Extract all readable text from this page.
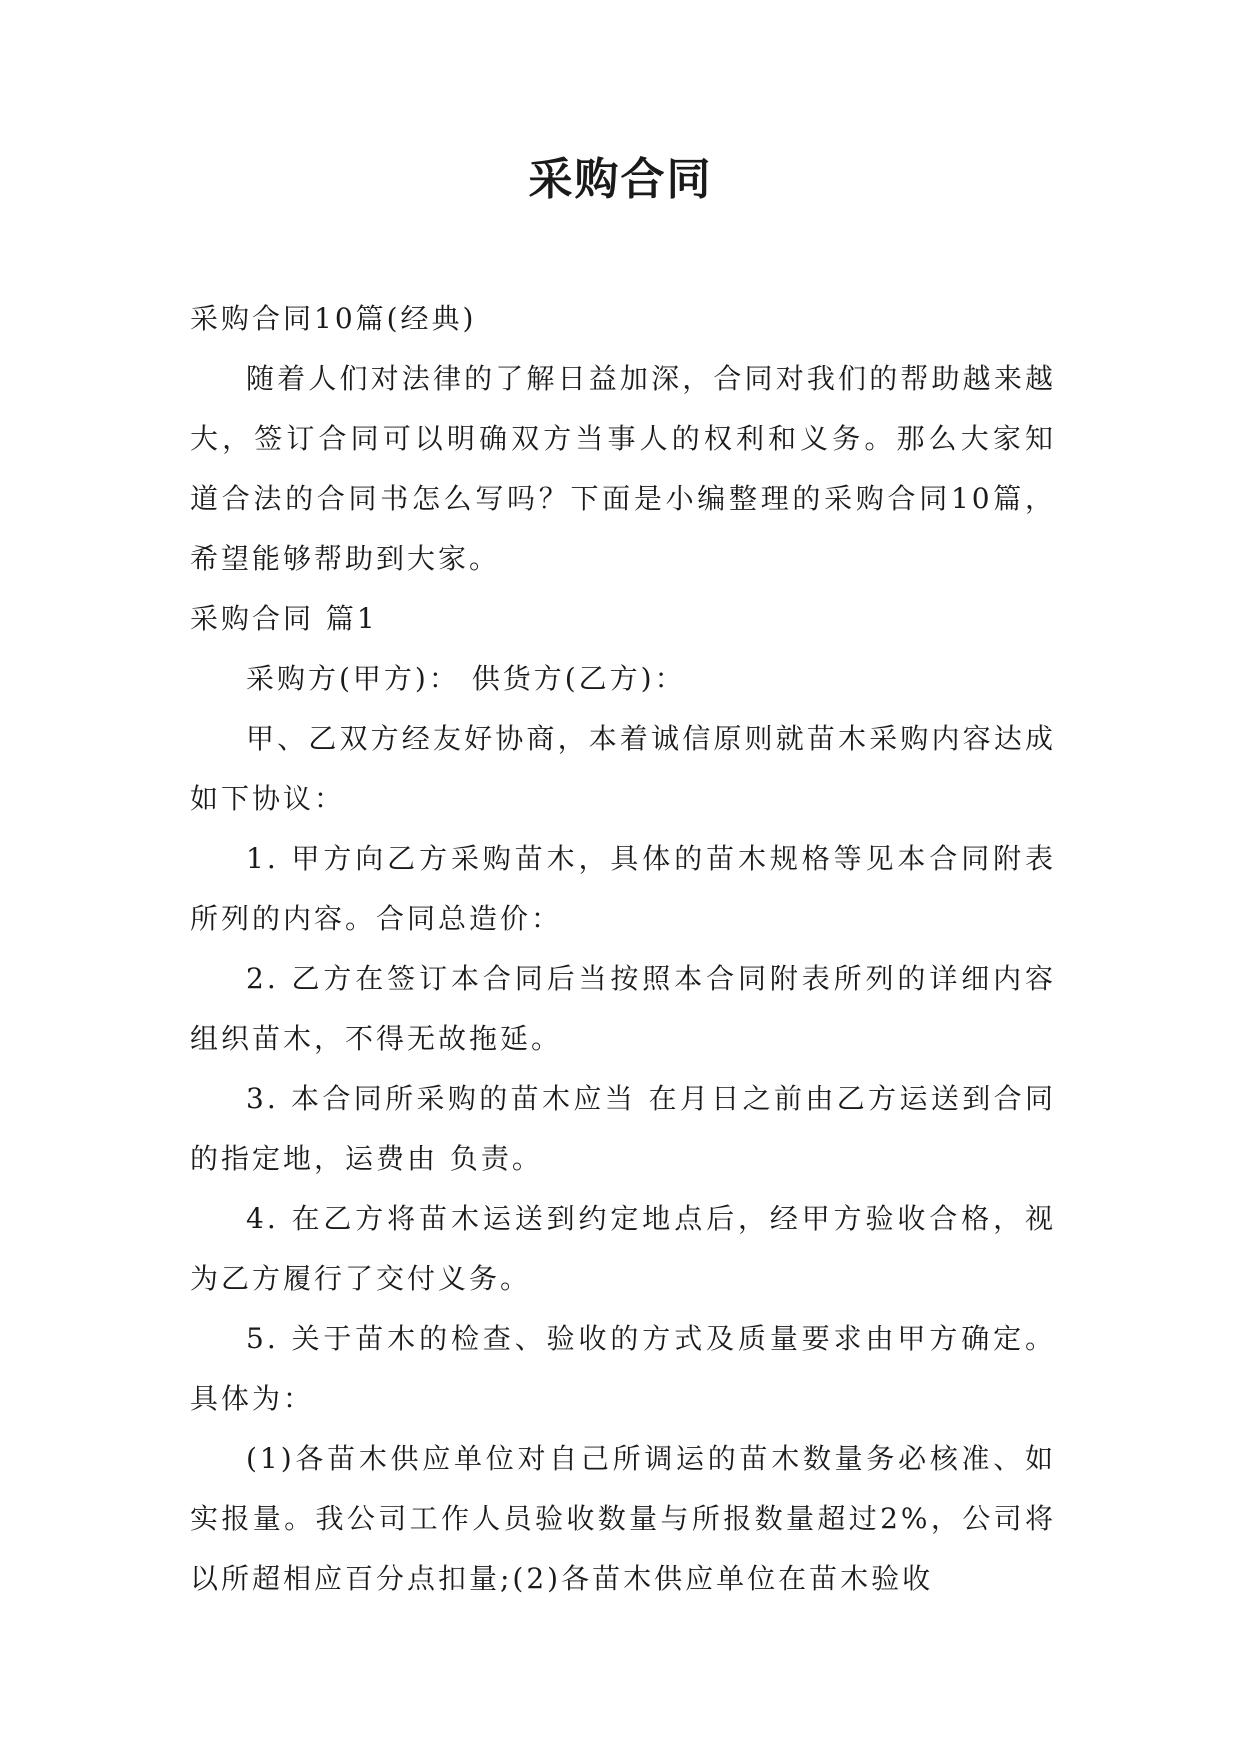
采购合同

采购合同10篇(经典)

随着人们对法律的了解日益加深，合同对我们的帮助越来越大，签订合同可以明确双方当事人的权利和义务。那么大家知道合法的合同书怎么写吗？下面是小编整理的采购合同10篇，希望能够帮助到大家。

采购合同 篇1

采购方(甲方)： 供货方(乙方)：

甲、乙双方经友好协商，本着诚信原则就苗木采购内容达成如下协议：

1. 甲方向乙方采购苗木，具体的苗木规格等见本合同附表所列的内容。合同总造价：

2. 乙方在签订本合同后当按照本合同附表所列的详细内容组织苗木，不得无故拖延。

3. 本合同所采购的苗木应当 在月日之前由乙方运送到合同的指定地，运费由 负责。

4. 在乙方将苗木运送到约定地点后，经甲方验收合格，视为乙方履行了交付义务。

5. 关于苗木的检查、验收的方式及质量要求由甲方确定。具体为：

(1)各苗木供应单位对自己所调运的苗木数量务必核准、如实报量。我公司工作人员验收数量与所报数量超过2%，公司将以所超相应百分点扣量;(2)各苗木供应单位在苗木验收
